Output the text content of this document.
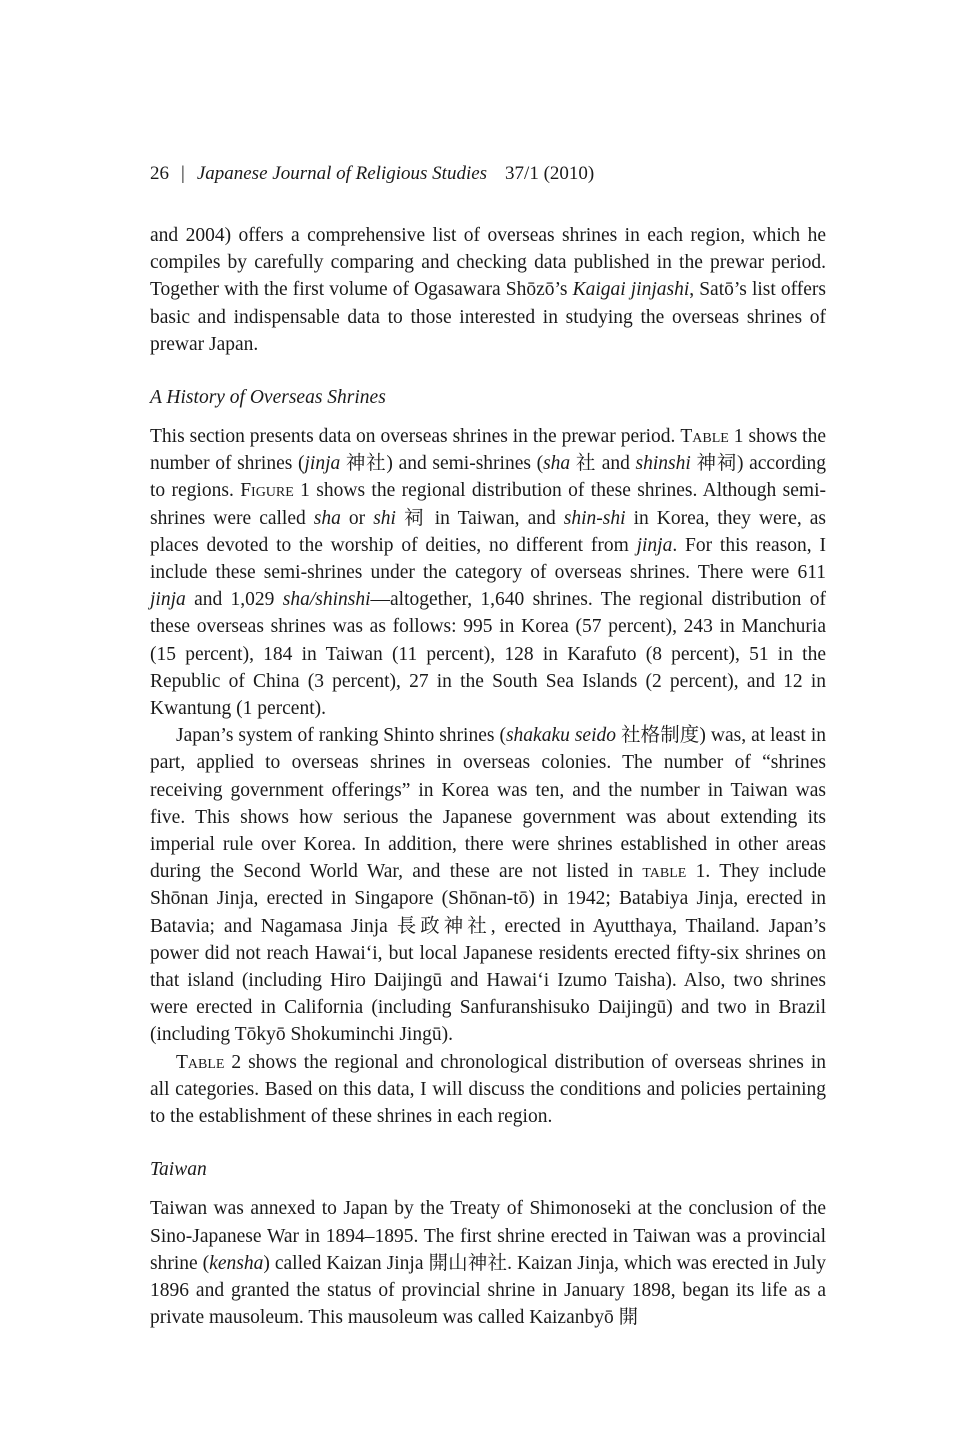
26 | Japanese Journal of Religious Studies 37/1 (2010)

and 2004) offers a comprehensive list of overseas shrines in each region, which he compiles by carefully comparing and checking data published in the prewar period. Together with the first volume of Ogasawara Shōzō’s Kaigai jinjashi, Satō’s list offers basic and indispensable data to those interested in studying the overseas shrines of prewar Japan.

A History of Overseas Shrines

This section presents data on overseas shrines in the prewar period. Table 1 shows the number of shrines (jinja 神社) and semi-shrines (sha 社 and shinshi 神祠) according to regions. Figure 1 shows the regional distribution of these shrines. Although semi-shrines were called sha or shi 祠 in Taiwan, and shin-shi in Korea, they were, as places devoted to the worship of deities, no different from jinja. For this reason, I include these semi-shrines under the category of overseas shrines. There were 611 jinja and 1,029 sha/shinshi—altogether, 1,640 shrines. The regional distribution of these overseas shrines was as follows: 995 in Korea (57 percent), 243 in Manchuria (15 percent), 184 in Taiwan (11 percent), 128 in Karafuto (8 percent), 51 in the Republic of China (3 percent), 27 in the South Sea Islands (2 percent), and 12 in Kwantung (1 percent).

Japan’s system of ranking Shinto shrines (shakaku seido 社格制度) was, at least in part, applied to overseas shrines in overseas colonies. The number of “shrines receiving government offerings” in Korea was ten, and the number in Taiwan was five. This shows how serious the Japanese government was about extending its imperial rule over Korea. In addition, there were shrines established in other areas during the Second World War, and these are not listed in table 1. They include Shōnan Jinja, erected in Singapore (Shōnan-tō) in 1942; Batabiya Jinja, erected in Batavia; and Nagamasa Jinja 長政神社, erected in Ayutthaya, Thailand. Japan’s power did not reach Hawai‘i, but local Japanese residents erected fifty-six shrines on that island (including Hiro Daijingū and Hawai‘i Izumo Taisha). Also, two shrines were erected in California (including Sanfuranshisuko Daijingū) and two in Brazil (including Tōkyō Shokuminchi Jingū).

Table 2 shows the regional and chronological distribution of overseas shrines in all categories. Based on this data, I will discuss the conditions and policies pertaining to the establishment of these shrines in each region.

Taiwan

Taiwan was annexed to Japan by the Treaty of Shimonoseki at the conclusion of the Sino-Japanese War in 1894–1895. The first shrine erected in Taiwan was a provincial shrine (kensha) called Kaizan Jinja 開山神社. Kaizan Jinja, which was erected in July 1896 and granted the status of provincial shrine in January 1898, began its life as a private mausoleum. This mausoleum was called Kaizanbyō 開
